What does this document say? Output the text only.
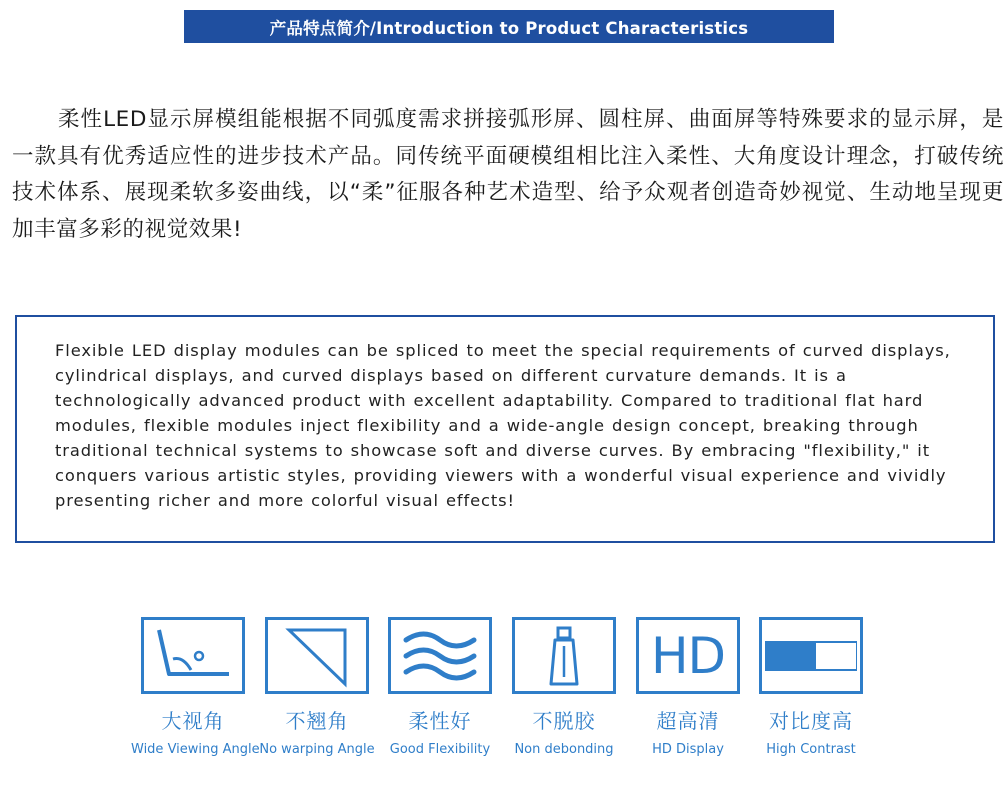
产品特点简介/Introduction to Product Characteristics

柔性LED显示屏模组能根据不同弧度需求拼接弧形屏、圆柱屏、曲面屏等特殊要求的显示屏，是一款具有优秀适应性的进步技术产品。同传统平面硬模组相比注入柔性、大角度设计理念，打破传统技术体系、展现柔软多姿曲线，以“柔”征服各种艺术造型、给予众观者创造奇妙视觉、生动地呈现更加丰富多彩的视觉效果!

Flexible LED display modules can be spliced to meet the special requirements of curved displays, cylindrical displays, and curved displays based on different curvature demands. It is a technologically advanced product with excellent adaptability. Compared to traditional flat hard modules, flexible modules inject flexibility and a wide-angle design concept, breaking through traditional technical systems to showcase soft and diverse curves. By embracing "flexibility," it conquers various artistic styles, providing viewers with a wonderful visual experience and vividly presenting richer and more colorful visual effects!

大视角
Wide Viewing Angle
不翘角
No warping Angle
柔性好
Good Flexibility
不脱胶
Non debonding
HD
超高清
HD Display
对比度高
High Contrast
